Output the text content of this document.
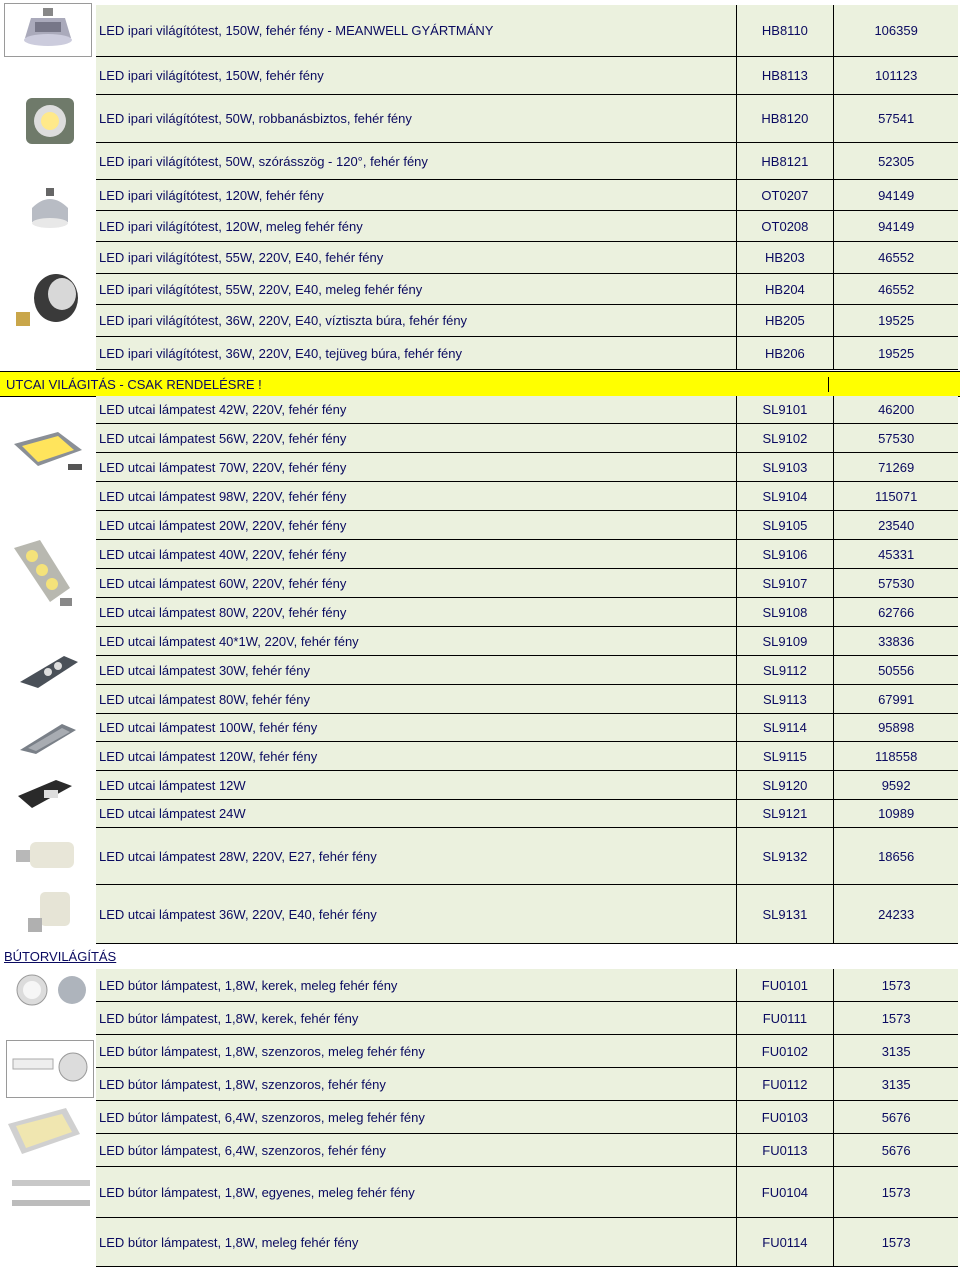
UTCAI VILÁGITÁS - CSAK RENDELÉSRE !
BÚTORVILÁGÍTÁS
LED ipari világítótest, 150W, fehér fény - MEANWELL GYÁRTMÁNY	HB8110	106359
LED ipari világítótest, 150W, fehér fény	HB8113	101123
LED ipari világítótest, 50W, robbanásbiztos, fehér fény	HB8120	57541
LED ipari világítótest, 50W, szórásszög - 120°, fehér fény	HB8121	52305
LED ipari világítótest, 120W, fehér fény	OT0207	94149
LED ipari világítótest, 120W, meleg fehér fény	OT0208	94149
LED ipari világítótest, 55W, 220V, E40, fehér fény	HB203	46552
LED ipari világítótest, 55W, 220V, E40, meleg fehér fény	HB204	46552
LED ipari világítótest, 36W, 220V, E40, víztiszta búra, fehér fény	HB205	19525
LED ipari világítótest, 36W, 220V, E40, tejüveg búra, fehér fény	HB206	19525
LED utcai lámpatest 42W, 220V, fehér fény	SL9101	46200
LED utcai lámpatest 56W, 220V, fehér fény	SL9102	57530
LED utcai lámpatest 70W, 220V, fehér fény	SL9103	71269
LED utcai lámpatest 98W, 220V, fehér fény	SL9104	115071
LED utcai lámpatest 20W, 220V, fehér fény	SL9105	23540
LED utcai lámpatest 40W, 220V, fehér fény	SL9106	45331
LED utcai lámpatest 60W, 220V, fehér fény	SL9107	57530
LED utcai lámpatest 80W, 220V, fehér fény	SL9108	62766
LED utcai lámpatest 40*1W, 220V, fehér fény	SL9109	33836
LED utcai lámpatest 30W, fehér fény	SL9112	50556
LED utcai lámpatest 80W, fehér fény	SL9113	67991
LED utcai lámpatest 100W, fehér fény	SL9114	95898
LED utcai lámpatest 120W, fehér fény	SL9115	118558
LED utcai lámpatest 12W	SL9120	9592
LED utcai lámpatest 24W	SL9121	10989
LED utcai lámpatest 28W, 220V, E27, fehér fény	SL9132	18656
LED utcai lámpatest 36W, 220V, E40, fehér fény	SL9131	24233
LED bútor lámpatest, 1,8W, kerek, meleg fehér fény	FU0101	1573
LED bútor lámpatest, 1,8W, kerek, fehér fény	FU0111	1573
LED bútor lámpatest, 1,8W, szenzoros, meleg fehér fény	FU0102	3135
LED bútor lámpatest, 1,8W, szenzoros, fehér fény	FU0112	3135
LED bútor lámpatest, 6,4W, szenzoros, meleg fehér fény	FU0103	5676
LED bútor lámpatest, 6,4W, szenzoros, fehér fény	FU0113	5676
LED bútor lámpatest, 1,8W, egyenes, meleg fehér fény	FU0104	1573
LED bútor lámpatest, 1,8W, meleg fehér fény	FU0114	1573
